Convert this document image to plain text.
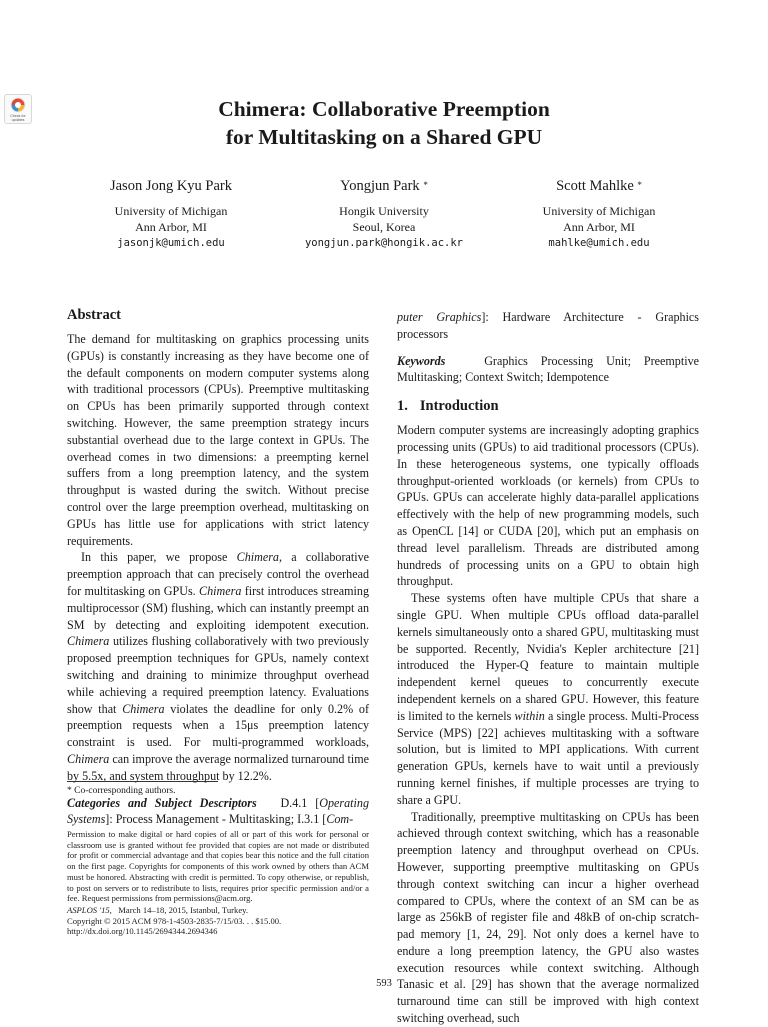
Check for updates	Chimera: Collaborative Preemption
for Multitasking on a Shared GPU
Jason Jong Kyu Park
University of Michigan
Ann Arbor, MI
jasonjk@umich.edu
Yongjun Park *
Hongik University
Seoul, Korea
yongjun.park@hongik.ac.kr
Scott Mahlke *
University of Michigan
Ann Arbor, MI
mahlke@umich.edu
Abstract

The demand for multitasking on graphics processing units (GPUs) is constantly increasing as they have become one of the default components on modern computer systems along with traditional processors (CPUs). Preemptive multitasking on CPUs has been primarily supported through context switching. However, the same preemption strategy incurs substantial overhead due to the large context in GPUs. The overhead comes in two dimensions: a preempting kernel suffers from a long preemption latency, and the system throughput is wasted during the switch. Without precise control over the large preemption overhead, multitasking on GPUs has little use for applications with strict latency requirements.

In this paper, we propose Chimera, a collaborative preemption approach that can precisely control the overhead for multitasking on GPUs. Chimera first introduces streaming multiprocessor (SM) flushing, which can instantly preempt an SM by detecting and exploiting idempotent execution. Chimera utilizes flushing collaboratively with two previously proposed preemption techniques for GPUs, namely context switching and draining to minimize throughput overhead while achieving a required preemption latency. Evaluations show that Chimera violates the deadline for only 0.2% of preemption requests when a 15μs preemption latency constraint is used. For multi-programmed workloads, Chimera can improve the average normalized turnaround time by 5.5x, and system throughput by 12.2%.

Categories and Subject Descriptors D.4.1 [Operating Systems]: Process Management - Multitasking; I.3.1 [Com-

* Co-corresponding authors.
Permission to make digital or hard copies of all or part of this work for personal or classroom use is granted without fee provided that copies are not made or distributed for profit or commercial advantage and that copies bear this notice and the full citation on the first page. Copyrights for components of this work owned by others than ACM must be honored. Abstracting with credit is permitted. To copy otherwise, or republish, to post on servers or to redistribute to lists, requires prior specific permission and/or a fee. Request permissions from permissions@acm.org.
ASPLOS '15,   March 14–18, 2015, Istanbul, Turkey.
Copyright © 2015 ACM 978-1-4503-2835-7/15/03. . . $15.00.
http://dx.doi.org/10.1145/2694344.2694346

puter Graphics]: Hardware Architecture - Graphics processors

Keywords	Graphics Processing Unit; Preemptive Multitasking; Context Switch; Idempotence

1. Introduction

Modern computer systems are increasingly adopting graphics processing units (GPUs) to aid traditional processors (CPUs). In these heterogeneous systems, one typically offloads throughput-oriented workloads (or kernels) from CPUs to GPUs. GPUs can accelerate highly data-parallel applications effectively with the help of new programming models, such as OpenCL [14] or CUDA [20], which put an emphasis on thread level parallelism. Threads are distributed among hundreds of processing units on a GPU to obtain high throughput.

These systems often have multiple CPUs that share a single GPU. When multiple CPUs offload data-parallel kernels simultaneously onto a shared GPU, multitasking must be supported. Recently, Nvidia's Kepler architecture [21] introduced the Hyper-Q feature to maintain multiple independent kernel queues to concurrently execute independent kernels on a shared GPU. However, this feature is limited to the kernels within a single process. Multi-Process Service (MPS) [22] achieves multitasking with a software solution, but is limited to MPI applications. With current generation GPUs, kernels have to wait until a previously running kernel finishes, if multiple processes are trying to share a GPU.

Traditionally, preemptive multitasking on CPUs has been achieved through context switching, which has a reasonable preemption latency and throughput overhead on CPUs. However, supporting preemptive multitasking on GPUs through context switching can incur a higher overhead compared to CPUs, where the context of an SM can be as large as 256kB of register file and 48kB of on-chip scratch-pad memory [1, 24, 29]. Not only does a kernel have to endure a long preemption latency, the GPU also wastes execution resources while context switching. Although Tanasic et al. [29] has shown that the average normalized turnaround time can still be improved with high context switching overhead, such

593
